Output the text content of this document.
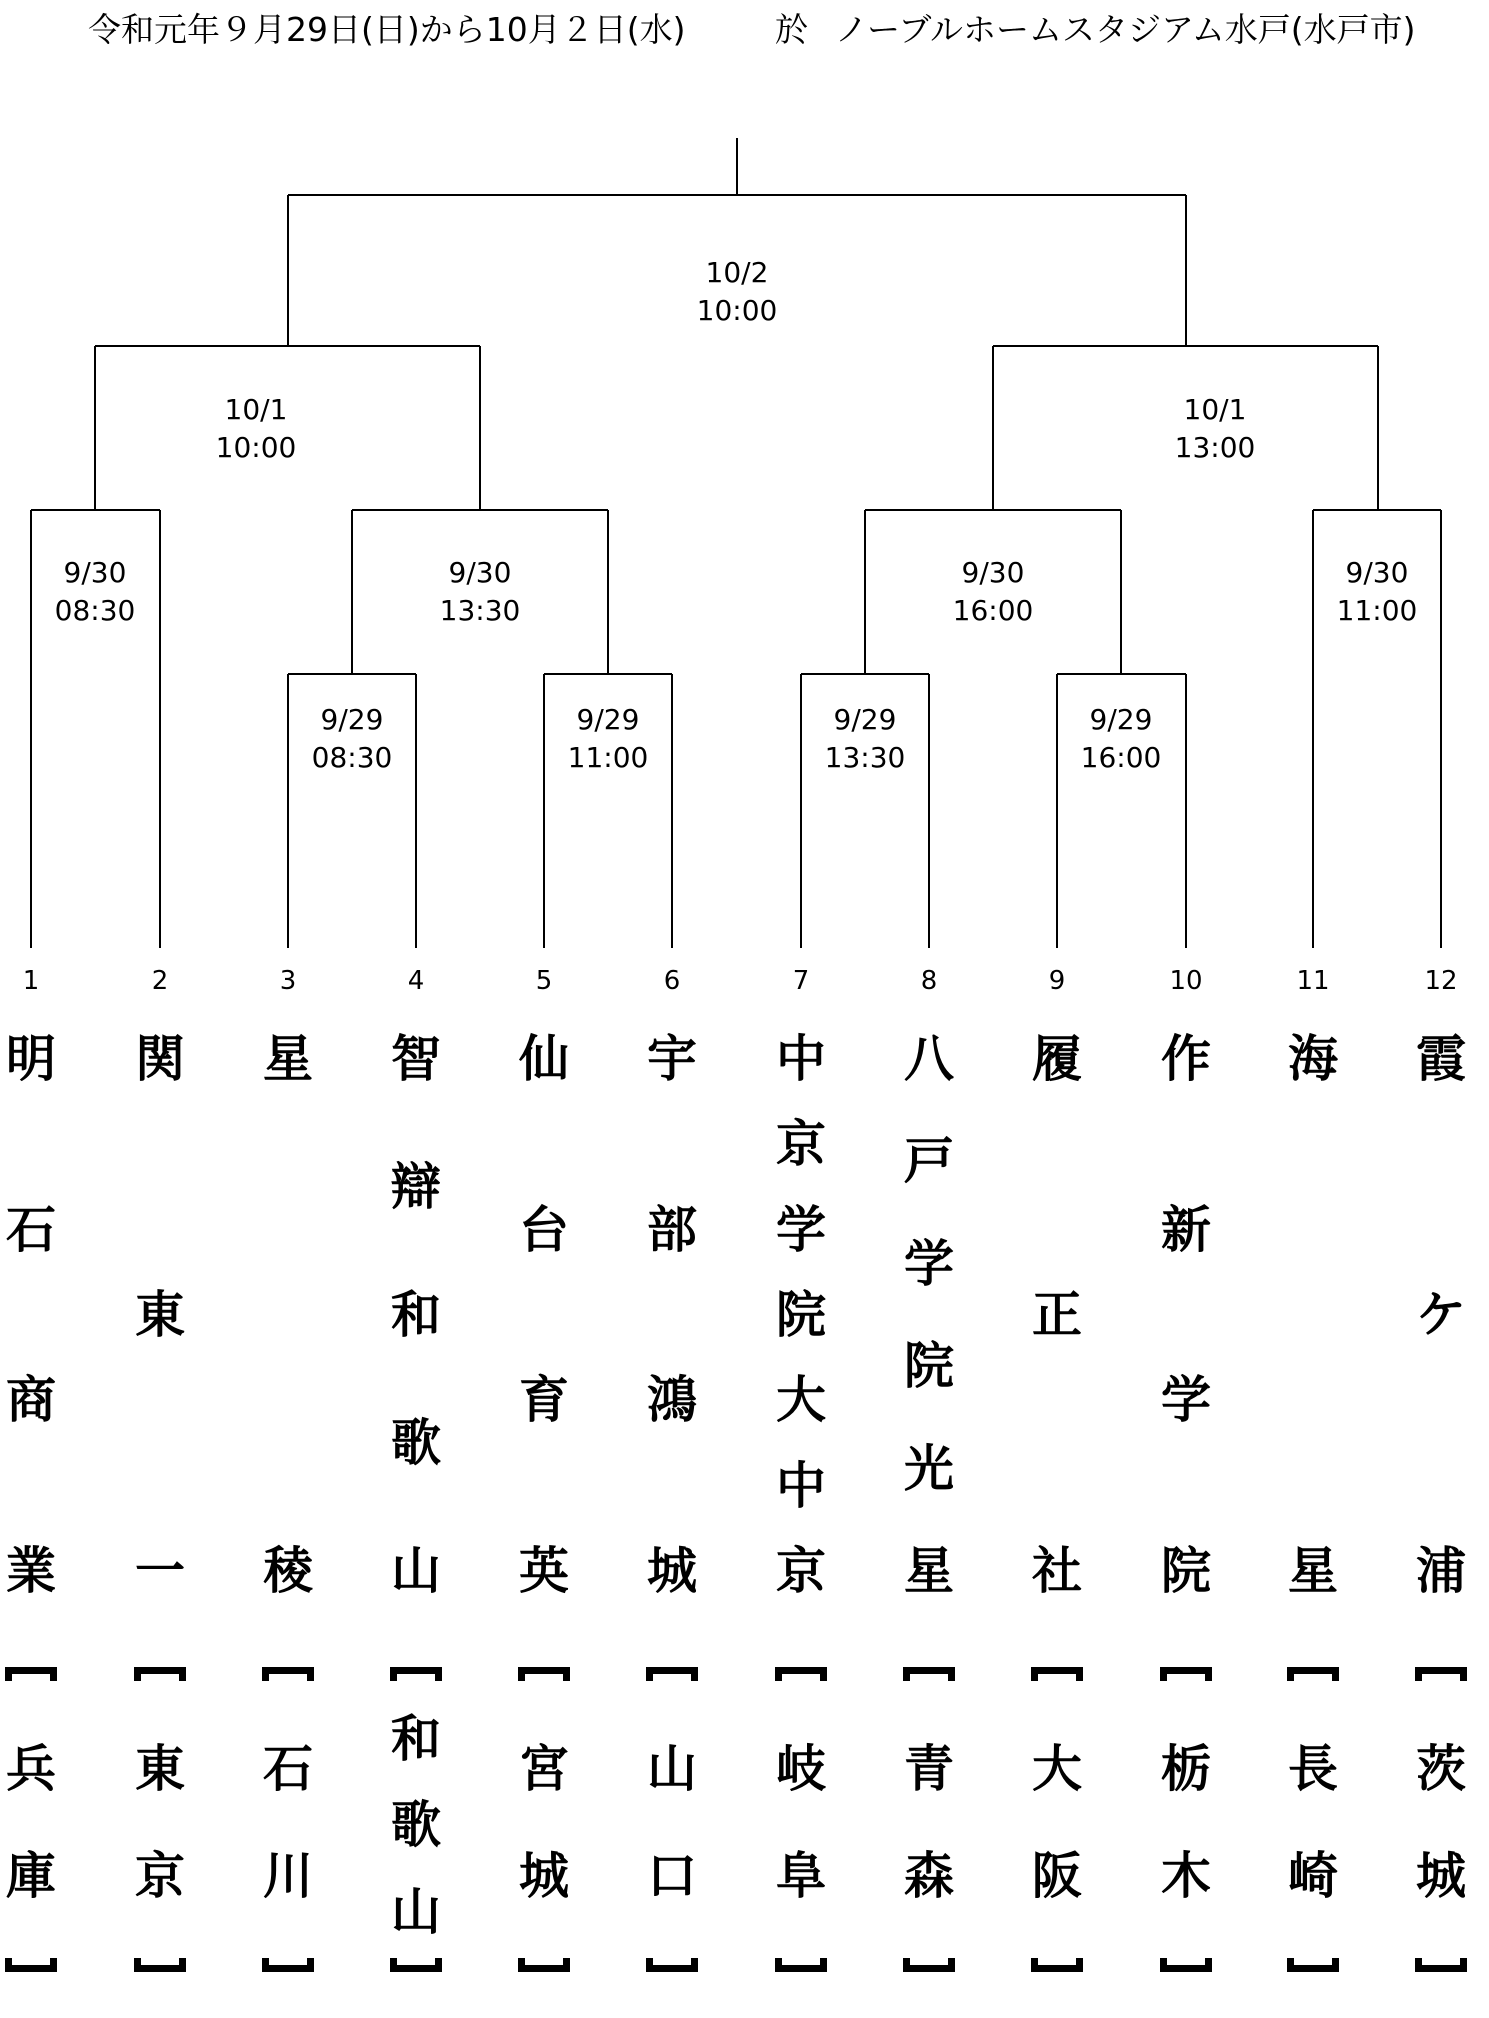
令和元年９月29日(日)から10月２日(水)	於 ノーブルホームスタジアム水戸(水戸市)
10/2
10:00
10/1
10:00
10/1
13:00
9/30
08:30
9/30
13:30
9/30
16:00
9/30
11:00
9/29
08:30
9/29
11:00
9/29
13:30
9/29
16:00
1
明
石
商
業
兵
庫
2
関
東
一
東
京
3
星
稜
石
川
4
智
辯
和
歌
山
和
歌
山
5
仙
台
育
英
宮
城
6
宇
部
鴻
城
山
口
7
中
京
学
院
大
中
京
岐
阜
8
八
戸
学
院
光
星
青
森
9
履
正
社
大
阪
10
作
新
学
院
栃
木
11
海
星
長
崎
12
霞
ケ
浦
茨
城
